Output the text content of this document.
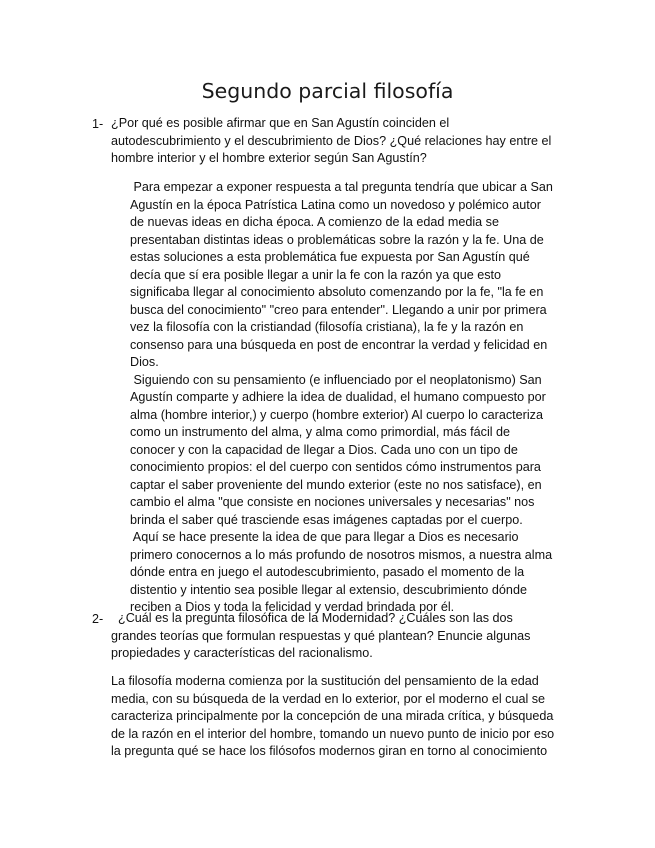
Segundo parcial filosofía
1- ¿Por qué es posible afirmar que en San Agustín coinciden el
autodescubrimiento y el descubrimiento de Dios? ¿Qué relaciones hay entre el
hombre interior y el hombre exterior según San Agustín?
Para empezar a exponer respuesta a tal pregunta tendría que ubicar a San
Agustín en la época Patrística Latina como un novedoso y polémico autor
de nuevas ideas en dicha época. A comienzo de la edad media se
presentaban distintas ideas o problemáticas sobre la razón y la fe. Una de
estas soluciones a esta problemática fue expuesta por San Agustín qué
decía que sí era posible llegar a unir la fe con la razón ya que esto
significaba llegar al conocimiento absoluto comenzando por la fe, "la fe en
busca del conocimiento" "creo para entender". Llegando a unir por primera
vez la filosofía con la cristiandad (filosofía cristiana), la fe y la razón en
consenso para una búsqueda en post de encontrar la verdad y felicidad en
Dios.
Siguiendo con su pensamiento (e influenciado por el neoplatonismo) San
Agustín comparte y adhiere la idea de dualidad, el humano compuesto por
alma (hombre interior,) y cuerpo (hombre exterior) Al cuerpo lo caracteriza
como un instrumento del alma, y alma como primordial, más fácil de
conocer y con la capacidad de llegar a Dios. Cada uno con un tipo de
conocimiento propios: el del cuerpo con sentidos cómo instrumentos para
captar el saber proveniente del mundo exterior (este no nos satisface), en
cambio el alma "que consiste en nociones universales y necesarias" nos
brinda el saber qué trasciende esas imágenes captadas por el cuerpo.
Aquí se hace presente la idea de que para llegar a Dios es necesario
primero conocernos a lo más profundo de nosotros mismos, a nuestra alma
dónde entra en juego el autodescubrimiento, pasado el momento de la
distentio y intentio sea posible llegar al extensio, descubrimiento dónde
reciben a Dios y toda la felicidad y verdad brindada por él.
2- ¿Cuál es la pregunta filosófica de la Modernidad? ¿Cuáles son las dos
grandes teorías que formulan respuestas y qué plantean? Enuncie algunas
propiedades y características del racionalismo.
La filosofía moderna comienza por la sustitución del pensamiento de la edad
media, con su búsqueda de la verdad en lo exterior, por el moderno el cual se
caracteriza principalmente por la concepción de una mirada crítica, y búsqueda
de la razón en el interior del hombre, tomando un nuevo punto de inicio por eso
la pregunta qué se hace los filósofos modernos giran en torno al conocimiento
